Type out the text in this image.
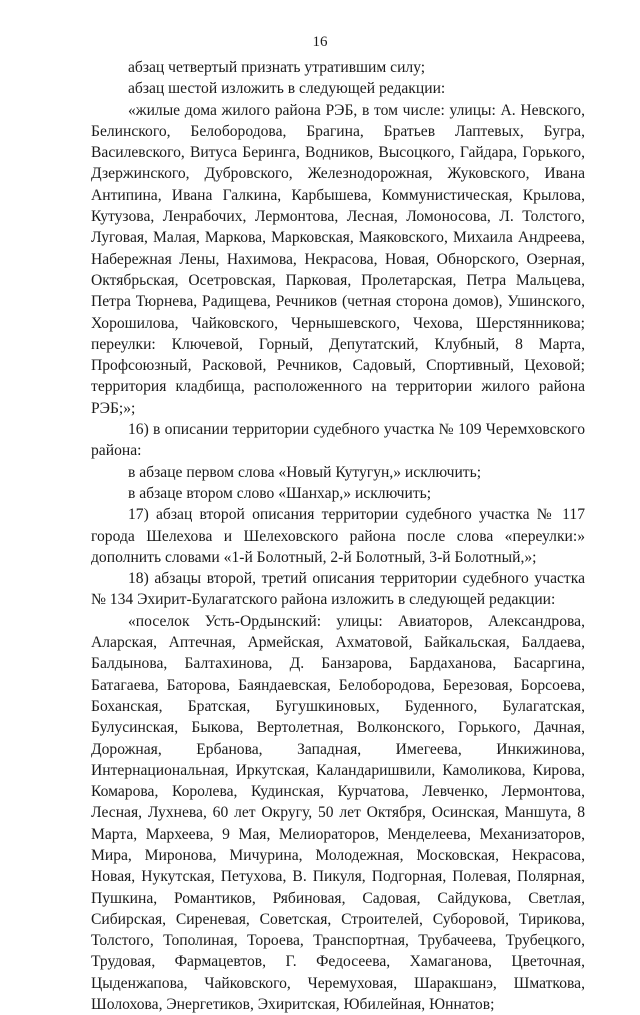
16

абзац четвертый признать утратившим силу;

абзац шестой изложить в следующей редакции:

«жилые дома жилого района РЭБ, в том числе: улицы: А. Невского, Белинского, Белобородова, Брагина, Братьев Лаптевых, Бугра, Василевского, Витуса Беринга, Водников, Высоцкого, Гайдара, Горького, Дзержинского, Дубровского, Железнодорожная, Жуковского, Ивана Антипина, Ивана Галкина, Карбышева, Коммунистическая, Крылова, Кутузова, Ленрабочих, Лермонтова, Лесная, Ломоносова, Л. Толстого, Луговая, Малая, Маркова, Марковская, Маяковского, Михаила Андреева, Набережная Лены, Нахимова, Некрасова, Новая, Обнорского, Озерная, Октябрьская, Осетровская, Парковая, Пролетарская, Петра Мальцева, Петра Тюрнева, Радищева, Речников (четная сторона домов), Ушинского, Хорошилова, Чайковского, Чернышевского, Чехова, Шерстянникова; переулки: Ключевой, Горный, Депутатский, Клубный, 8 Марта, Профсоюзный, Расковой, Речников, Садовый, Спортивный, Цеховой; территория кладбища, расположенного на территории жилого района РЭБ;»;

16) в описании территории судебного участка № 109 Черемховского района:

в абзаце первом слова «Новый Кутугун,» исключить;

в абзаце втором слово «Шанхар,» исключить;

17) абзац второй описания территории судебного участка № 117 города Шелехова и Шелеховского района после слова «переулки:» дополнить словами «1-й Болотный, 2-й Болотный, 3-й Болотный,»;

18) абзацы второй, третий описания территории судебного участка № 134 Эхирит-Булагатского района изложить в следующей редакции:

«поселок Усть-Ордынский: улицы: Авиаторов, Александрова, Аларская, Аптечная, Армейская, Ахматовой, Байкальская, Балдаева, Балдынова, Балтахинова, Д. Банзарова, Бардаханова, Басаргина, Батагаева, Баторова, Баяндаевская, Белобородова, Березовая, Борсоева, Боханская, Братская, Бугушкиновых, Буденного, Булагатская, Булусинская, Быкова, Вертолетная, Волконского, Горького, Дачная, Дорожная, Ербанова, Западная, Имегеева, Инкижинова, Интернациональная, Иркутская, Каландаришвили, Камоликова, Кирова, Комарова, Королева, Кудинская, Курчатова, Левченко, Лермонтова, Лесная, Лухнева, 60 лет Округу, 50 лет Октября, Осинская, Маншута, 8 Марта, Мархеева, 9 Мая, Мелиораторов, Менделеева, Механизаторов, Мира, Миронова, Мичурина, Молодежная, Московская, Некрасова, Новая, Нукутская, Петухова, В. Пикуля, Подгорная, Полевая, Полярная, Пушкина, Романтиков, Рябиновая, Садовая, Сайдукова, Светлая, Сибирская, Сиреневая, Советская, Строителей, Суборовой, Тирикова, Толстого, Тополиная, Тороева, Транспортная, Трубачеева, Трубецкого, Трудовая, Фармацевтов, Г. Федосеева, Хамаганова, Цветочная, Цыденжапова, Чайковского, Черемуховая, Шаракшанэ, Шматкова, Шолохова, Энергетиков, Эхиритская, Юбилейная, Юннатов;
